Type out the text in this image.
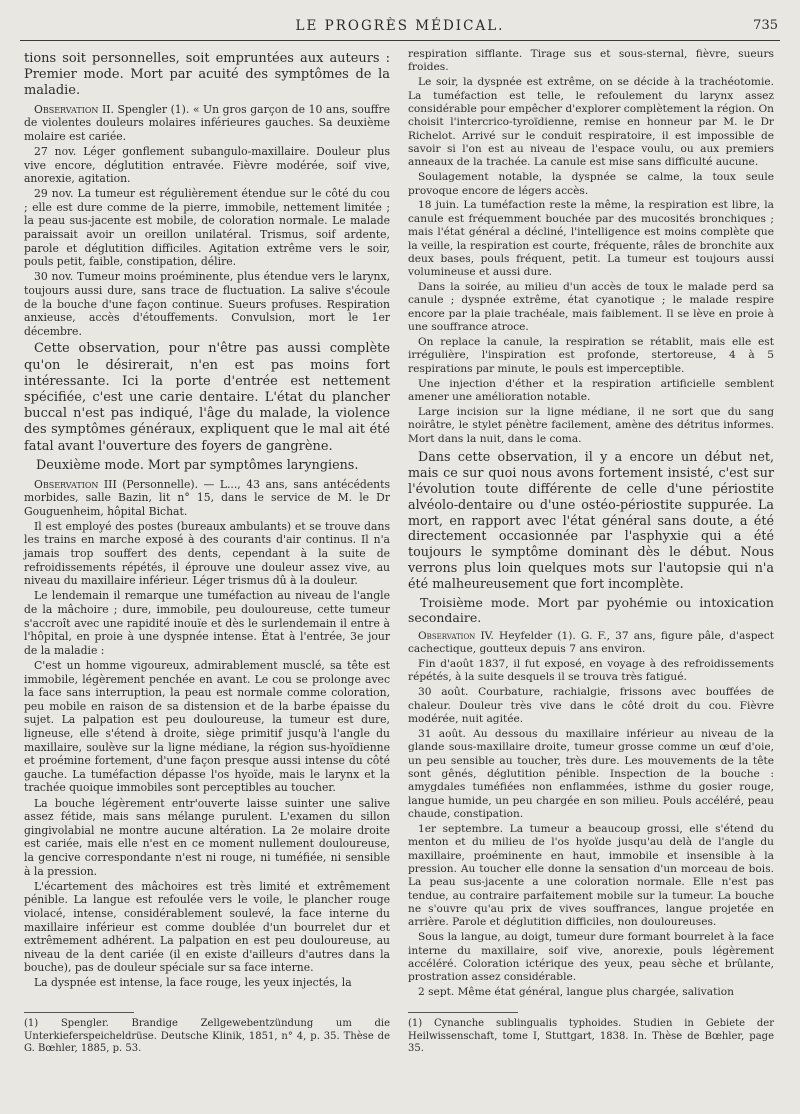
LE PROGRÈS MÉDICAL.	735

tions soit personnelles, soit empruntées aux auteurs : Premier mode. Mort par acuité des symptômes de la maladie.

Observation II. Spengler (1). « Un gros garçon de 10 ans, souffre de violentes douleurs molaires inférieures gauches. Sa deuxième molaire est cariée.

27 nov. Léger gonflement subangulo-maxillaire. Douleur plus vive encore, déglutition entravée. Fièvre modérée, soif vive, anorexie, agitation.

29 nov. La tumeur est régulièrement étendue sur le côté du cou ; elle est dure comme de la pierre, immobile, nettement limitée ; la peau sus-jacente est mobile, de coloration normale. Le malade paraissait avoir un oreillon unilatéral. Trismus, soif ardente, parole et déglutition difficiles. Agitation extrême vers le soir, pouls petit, faible, constipation, délire.

30 nov. Tumeur moins proéminente, plus étendue vers le larynx, toujours aussi dure, sans trace de fluctuation. La salive s'écoule de la bouche d'une façon continue. Sueurs profuses. Respiration anxieuse, accès d'étouffements. Convulsion, mort le 1er décembre.

Cette observation, pour n'être pas aussi complète qu'on le désirerait, n'en est pas moins fort intéressante. Ici la porte d'entrée est nettement spécifiée, c'est une carie dentaire. L'état du plancher buccal n'est pas indiqué, l'âge du malade, la violence des symptômes généraux, expliquent que le mal ait été fatal avant l'ouverture des foyers de gangrène.

Deuxième mode. Mort par symptômes laryngiens.

Observation III (Personnelle). — L..., 43 ans, sans antécédents morbides, salle Bazin, lit n° 15, dans le service de M. le Dr Gouguenheim, hôpital Bichat.

Il est employé des postes (bureaux ambulants) et se trouve dans les trains en marche exposé à des courants d'air continus. Il n'a jamais trop souffert des dents, cependant à la suite de refroidissements répétés, il éprouve une douleur assez vive, au niveau du maxillaire inférieur. Léger trismus dû à la douleur.

Le lendemain il remarque une tuméfaction au niveau de l'angle de la mâchoire ; dure, immobile, peu douloureuse, cette tumeur s'accroît avec une rapidité inouïe et dès le surlendemain il entre à l'hôpital, en proie à une dyspnée intense. État à l'entrée, 3e jour de la maladie :

C'est un homme vigoureux, admirablement musclé, sa tête est immobile, légèrement penchée en avant. Le cou se prolonge avec la face sans interruption, la peau est normale comme coloration, peu mobile en raison de sa distension et de la barbe épaisse du sujet. La palpation est peu douloureuse, la tumeur est dure, ligneuse, elle s'étend à droite, siège primitif jusqu'à l'angle du maxillaire, soulève sur la ligne médiane, la région sus-hyoïdienne et proémine fortement, d'une façon presque aussi intense du côté gauche. La tuméfaction dépasse l'os hyoïde, mais le larynx et la trachée quoique immobiles sont perceptibles au toucher.

La bouche légèrement entr'ouverte laisse suinter une salive assez fétide, mais sans mélange purulent. L'examen du sillon gingivolabial ne montre aucune altération. La 2e molaire droite est cariée, mais elle n'est en ce moment nullement douloureuse, la gencive correspondante n'est ni rouge, ni tuméfiée, ni sensible à la pression.

L'écartement des mâchoires est très limité et extrêmement pénible. La langue est refoulée vers le voile, le plancher rouge violacé, intense, considérablement soulevé, la face interne du maxillaire inférieur est comme doublée d'un bourrelet dur et extrêmement adhérent. La palpation en est peu douloureuse, au niveau de la dent cariée (il en existe d'ailleurs d'autres dans la bouche), pas de douleur spéciale sur sa face interne.

La dyspnée est intense, la face rouge, les yeux injectés, la

respiration sifflante. Tirage sus et sous-sternal, fièvre, sueurs froides.

Le soir, la dyspnée est extrême, on se décide à la trachéotomie. La tuméfaction est telle, le refoulement du larynx assez considérable pour empêcher d'explorer complètement la région. On choisit l'intercrico-tyroïdienne, remise en honneur par M. le Dr Richelot. Arrivé sur le conduit respiratoire, il est impossible de savoir si l'on est au niveau de l'espace voulu, ou aux premiers anneaux de la trachée. La canule est mise sans difficulté aucune.

Soulagement notable, la dyspnée se calme, la toux seule provoque encore de légers accès.

18 juin. La tuméfaction reste la même, la respiration est libre, la canule est fréquemment bouchée par des mucosités bronchiques ; mais l'état général a décliné, l'intelligence est moins complète que la veille, la respiration est courte, fréquente, râles de bronchite aux deux bases, pouls fréquent, petit. La tumeur est toujours aussi volumineuse et aussi dure.

Dans la soirée, au milieu d'un accès de toux le malade perd sa canule ; dyspnée extrême, état cyanotique ; le malade respire encore par la plaie trachéale, mais faiblement. Il se lève en proie à une souffrance atroce.

On replace la canule, la respiration se rétablit, mais elle est irrégulière, l'inspiration est profonde, stertoreuse, 4 à 5 respirations par minute, le pouls est imperceptible.

Une injection d'éther et la respiration artificielle semblent amener une amélioration notable.

Large incision sur la ligne médiane, il ne sort que du sang noirâtre, le stylet pénètre facilement, amène des détritus informes. Mort dans la nuit, dans le coma.

Dans cette observation, il y a encore un début net, mais ce sur quoi nous avons fortement insisté, c'est sur l'évolution toute différente de celle d'une périostite alvéolo-dentaire ou d'une ostéo-périostite suppurée. La mort, en rapport avec l'état général sans doute, a été directement occasionnée par l'asphyxie qui a été toujours le symptôme dominant dès le début. Nous verrons plus loin quelques mots sur l'autopsie qui n'a été malheureusement que fort incomplète.

Troisième mode. Mort par pyohémie ou intoxication secondaire.

Observation IV. Heyfelder (1). G. F., 37 ans, figure pâle, d'aspect cachectique, goutteux depuis 7 ans environ.

Fin d'août 1837, il fut exposé, en voyage à des refroidissements répétés, à la suite desquels il se trouva très fatigué.

30 août. Courbature, rachialgie, frissons avec bouffées de chaleur. Douleur très vive dans le côté droit du cou. Fièvre modérée, nuit agitée.

31 août. Au dessous du maxillaire inférieur au niveau de la glande sous-maxillaire droite, tumeur grosse comme un œuf d'oie, un peu sensible au toucher, très dure. Les mouvements de la tête sont gênés, déglutition pénible. Inspection de la bouche : amygdales tuméfiées non enflammées, isthme du gosier rouge, langue humide, un peu chargée en son milieu. Pouls accéléré, peau chaude, constipation.

1er septembre. La tumeur a beaucoup grossi, elle s'étend du menton et du milieu de l'os hyoïde jusqu'au delà de l'angle du maxillaire, proéminente en haut, immobile et insensible à la pression. Au toucher elle donne la sensation d'un morceau de bois. La peau sus-jacente a une coloration normale. Elle n'est pas tendue, au contraire parfaitement mobile sur la tumeur. La bouche ne s'ouvre qu'au prix de vives souffrances, langue projetée en arrière. Parole et déglutition difficiles, non douloureuses.

Sous la langue, au doigt, tumeur dure formant bourrelet à la face interne du maxillaire, soif vive, anorexie, pouls légèrement accéléré. Coloration ictérique des yeux, peau sèche et brûlante, prostration assez considérable.

2 sept. Même état général, langue plus chargée, salivation

(1) Spengler. Brandige Zellgewebentzündung um die Unterkieferspeicheldrüse. Deutsche Klinik, 1851, n° 4, p. 35. Thèse de G. Bœhler, 1885, p. 53.

(1) Cynanche sublingualis typhoides. Studien in Gebiete der Heilwissenschaft, tome I, Stuttgart, 1838. In. Thèse de Bœhler, page 35.
